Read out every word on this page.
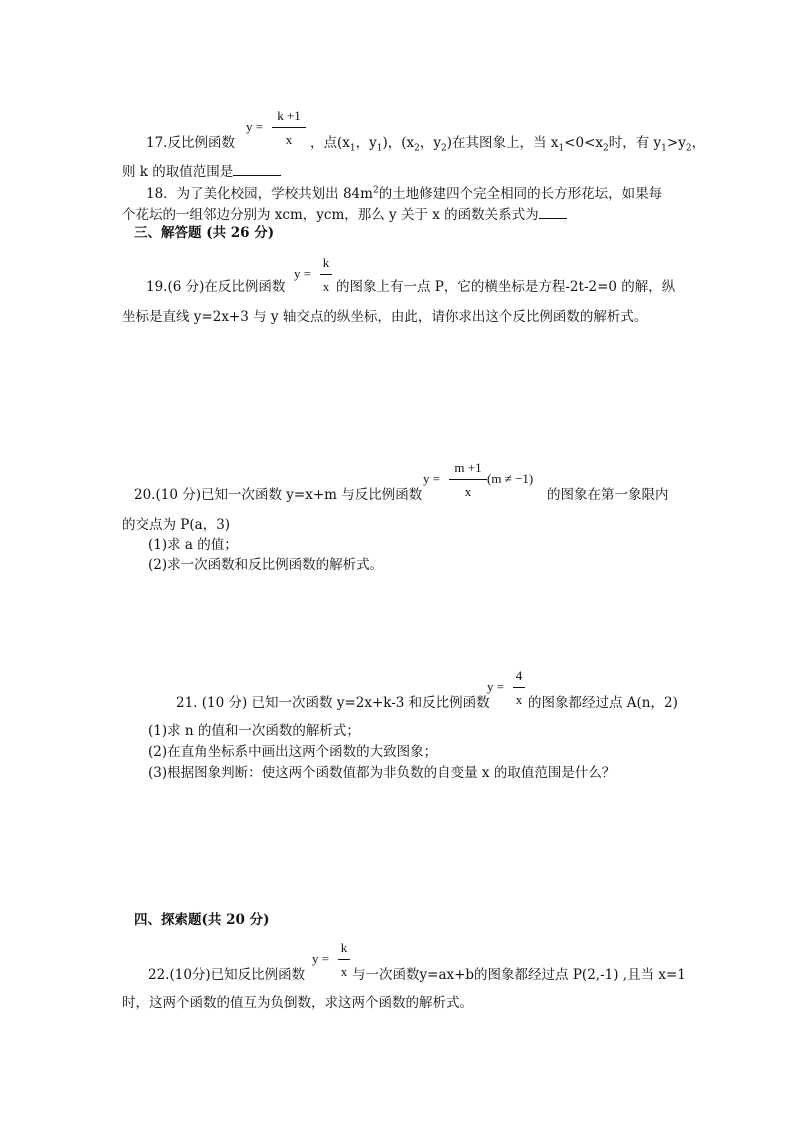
y =
k +1
x
17.反比例函数	，点($x_1$，$y_1$)，($x_2$，$y_2$)在其图象上，当 $x_1<0<x_2$时，有 $y_1>y_2$，
则 k 的取值范围是
18．为了美化校园，学校共划出 $84m^2$的土地修建四个完全相同的长方形花坛，如果每
个花坛的一组邻边分别为 xcm，ycm，那么 y 关于 x 的函数关系式为
三、解答题 (共 26 分)
y =
k
x
19.(6 分)在反比例函数	的图象上有一点 P，它的横坐标是方程-2t-2=0 的解，纵
坐标是直线 y=2x+3 与 y 轴交点的纵坐标，由此，请你求出这个反比例函数的解析式。
y =
m +1
x
(m ≠ −1)
20.(10 分)已知一次函数 y=x+m 与反比例函数	的图象在第一象限内
的交点为 P(a，3)
(1)求 a 的值；
(2)求一次函数和反比例函数的解析式。
y =
4
x
21. (10 分) 已知一次函数 y=2x+k-3 和反比例函数	的图象都经过点 A(n，2)
(1)求 n 的值和一次函数的解析式；
(2)在直角坐标系中画出这两个函数的大致图象；
(3)根据图象判断：使这两个函数值都为非负数的自变量 x 的取值范围是什么？
四、探索题(共 20 分)
y =
k
x
22.(10分)已知反比例函数	与一次函数y=ax+b的图象都经过点 P(2,-1) ,且当 x=1
时，这两个函数的值互为负倒数，求这两个函数的解析式。
